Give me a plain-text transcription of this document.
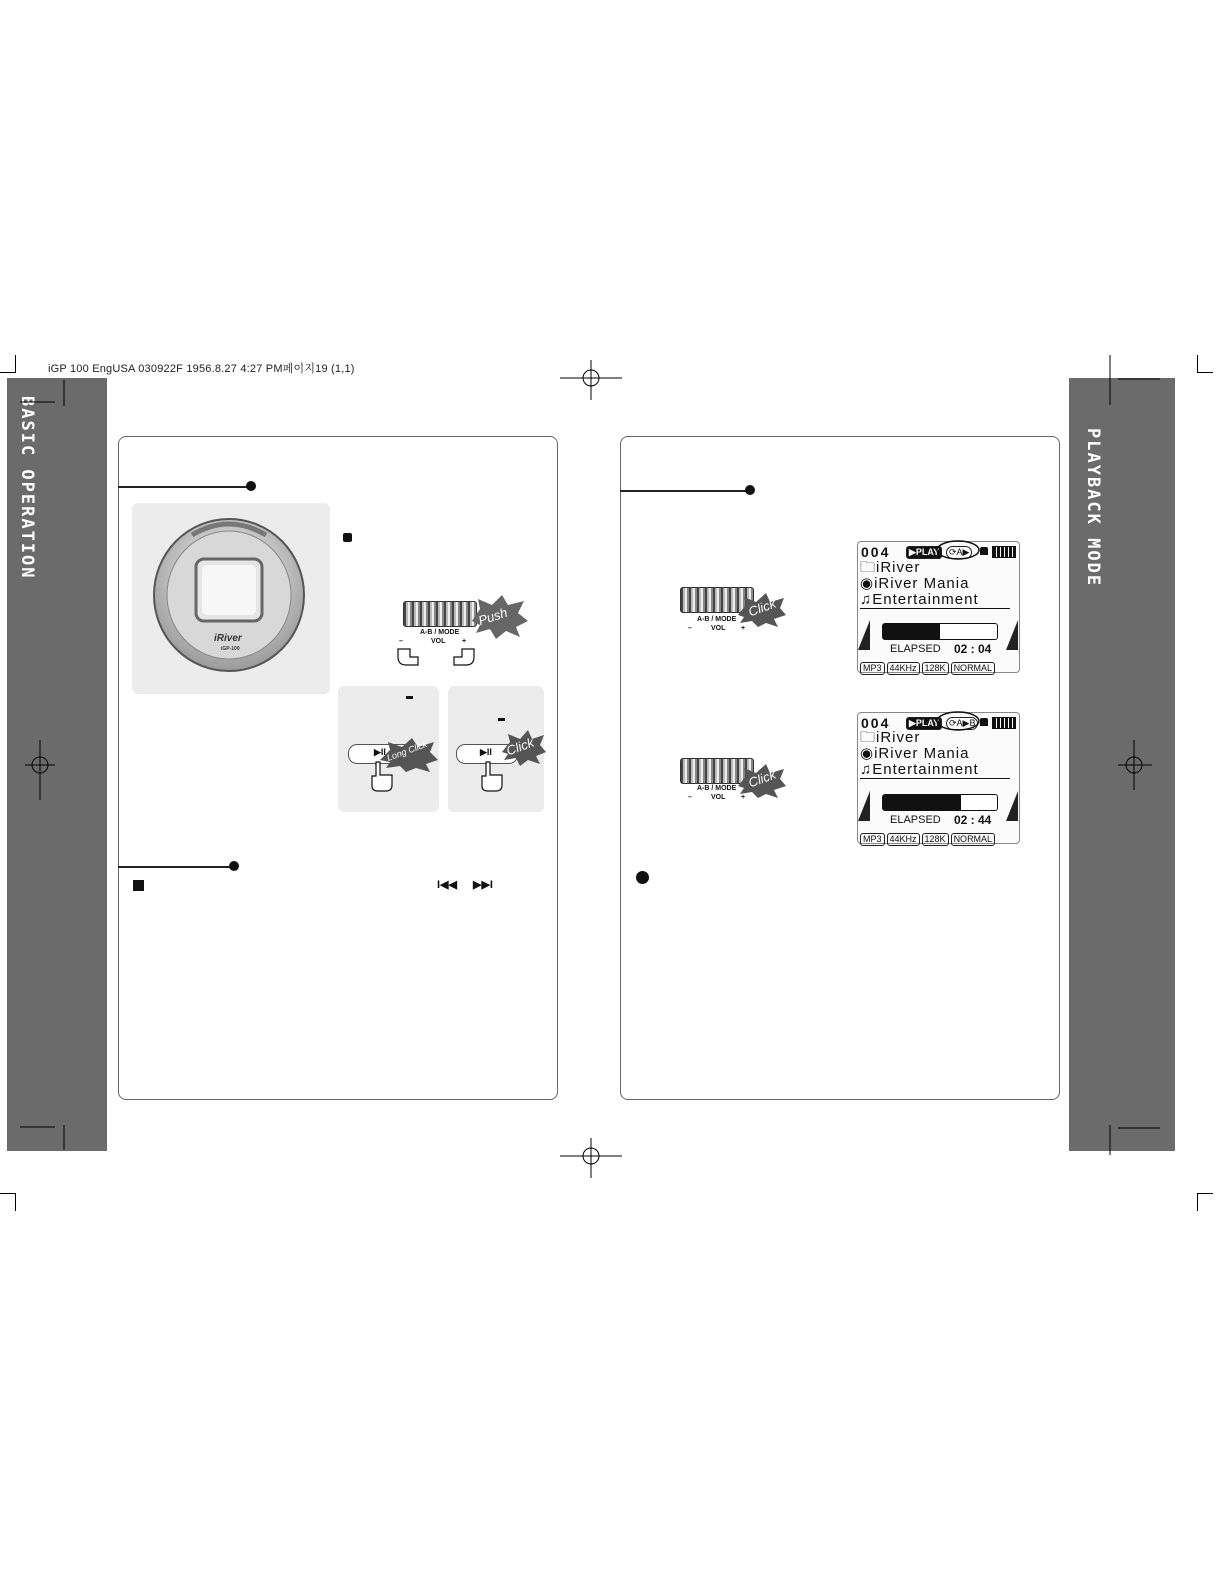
iGP 100 EngUSA 030922F 1956.8.27 4:27 PM페이지19 (1,1)
BASIC OPERATION	PLAYBACK MODE
iRiver
iGP-100
Push
A-B / MODE
–	VOL +
▶II Long Click	▶II Click
I◀◀ ▶▶I
Click
A-B / MODE
–	VOL +
Click
A-B / MODE
–	VOL +
004	▶PLAY	⟳A▶
🗀iRiver
◉iRiver Mania
♫Entertainment
ELAPSED 02 : 04
MP3 44KHz 128K NORMAL
004	▶PLAY	⟳A▶B
🗀iRiver
◉iRiver Mania
♫Entertainment
ELAPSED 02 : 44
MP3 44KHz 128K NORMAL
